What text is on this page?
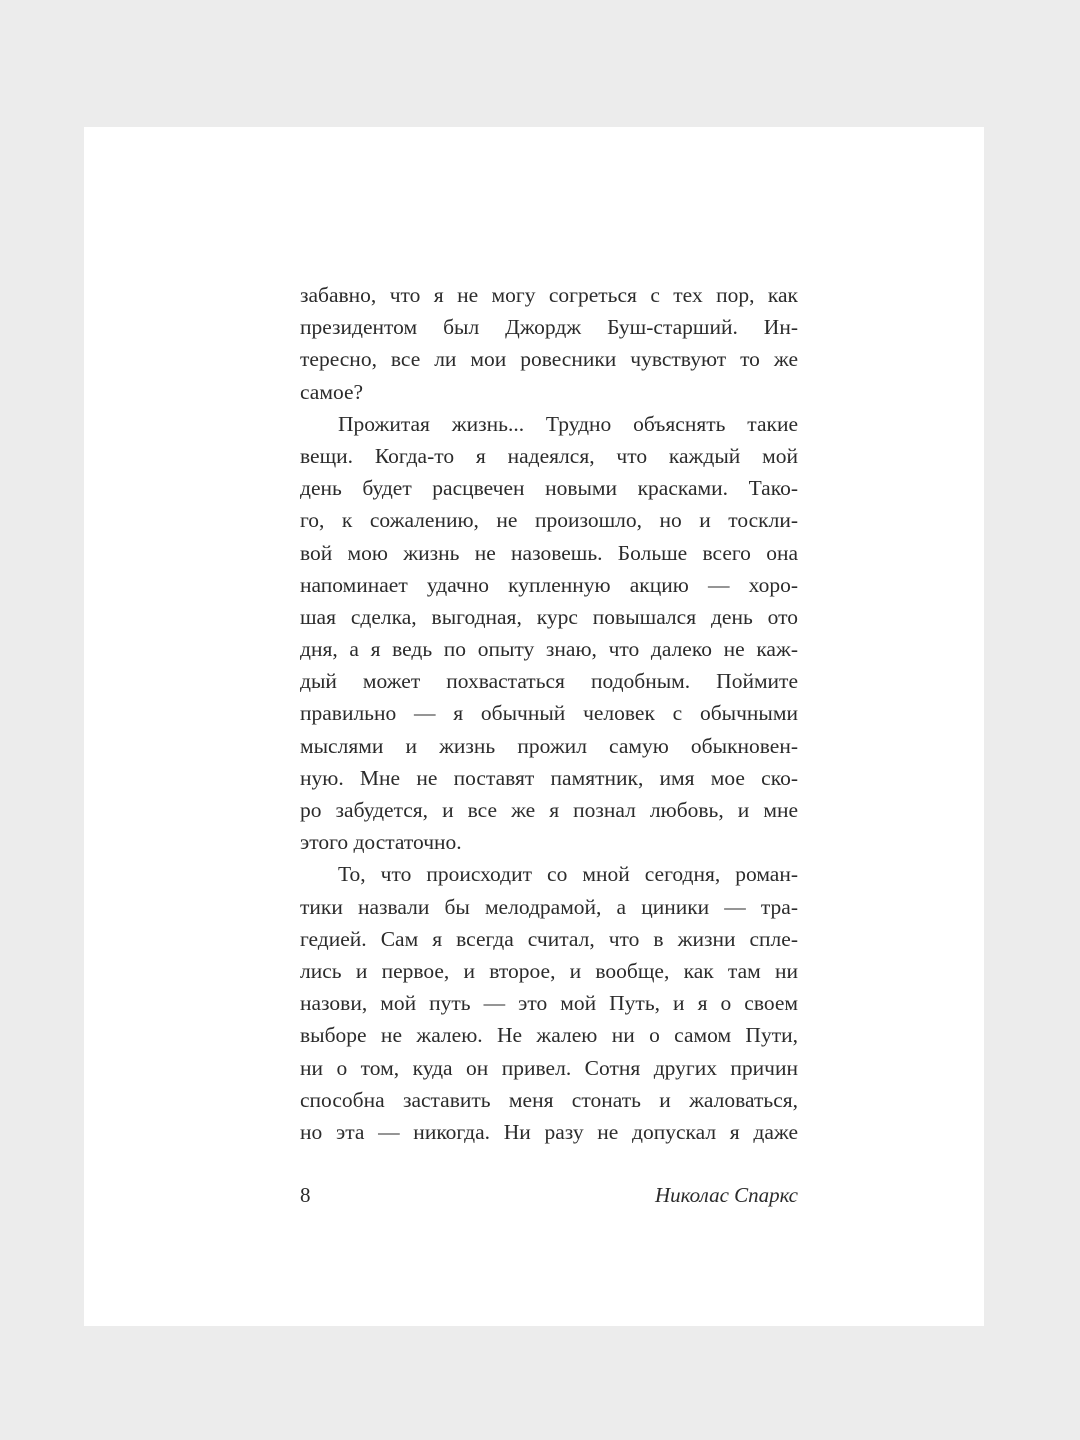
забавно, что я не могу согреться с тех пор, как
президентом был Джордж Буш-старший. Ин-
тересно, все ли мои ровесники чувствуют то же
самое?
Прожитая жизнь... Трудно объяснять такие
вещи. Когда-то я надеялся, что каждый мой
день будет расцвечен новыми красками. Тако-
го, к сожалению, не произошло, но и тоскли-
вой мою жизнь не назовешь. Больше всего она
напоминает удачно купленную акцию — хоро-
шая сделка, выгодная, курс повышался день ото
дня, а я ведь по опыту знаю, что далеко не каж-
дый может похвастаться подобным. Поймите
правильно — я обычный человек с обычными
мыслями и жизнь прожил самую обыкновен-
ную. Мне не поставят памятник, имя мое ско-
ро забудется, и все же я познал любовь, и мне
этого достаточно.
То, что происходит со мной сегодня, роман-
тики назвали бы мелодрамой, а циники — тра-
гедией. Сам я всегда считал, что в жизни спле-
лись и первое, и второе, и вообще, как там ни
назови, мой путь — это мой Путь, и я о своем
выборе не жалею. Не жалею ни о самом Пути,
ни о том, куда он привел. Сотня других причин
способна заставить меня стонать и жаловаться,
но эта — никогда. Ни разу не допускал я даже
8	Николас Спаркс
